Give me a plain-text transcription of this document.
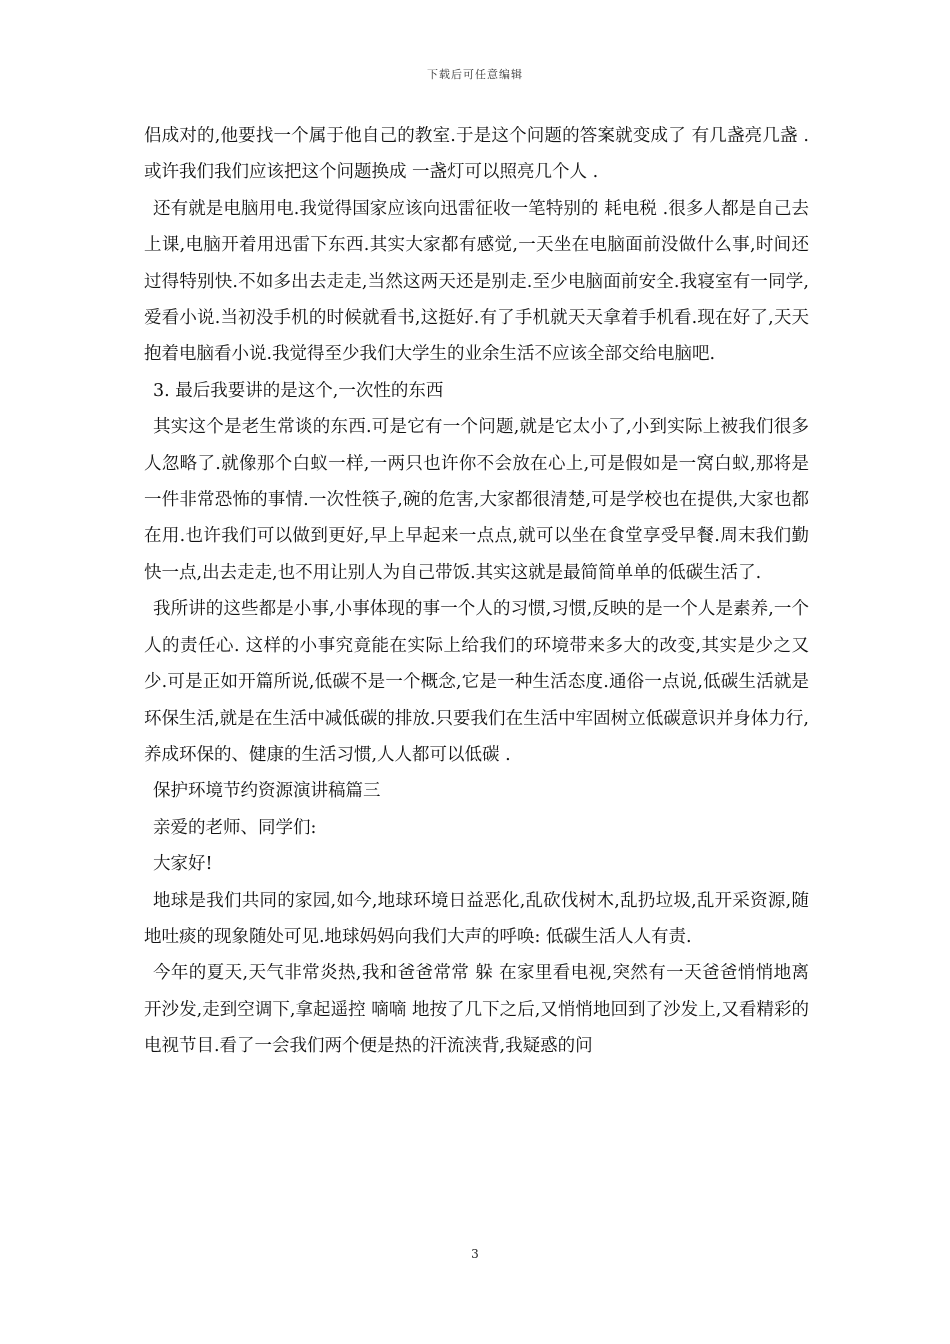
下载后可任意编辑

侣成对的,他要找一个属于他自己的教室.于是这个问题的答案就变成了 有几盏亮几盏 .或许我们我们应该把这个问题换成 一盏灯可以照亮几个人 .

还有就是电脑用电.我觉得国家应该向迅雷征收一笔特别的 耗电税 .很多人都是自己去上课,电脑开着用迅雷下东西.其实大家都有感觉,一天坐在电脑面前没做什么事,时间还过得特别快.不如多出去走走,当然这两天还是别走.至少电脑面前安全.我寝室有一同学,爱看小说.当初没手机的时候就看书,这挺好.有了手机就天天拿着手机看.现在好了,天天抱着电脑看小说.我觉得至少我们大学生的业余生活不应该全部交给电脑吧.

3. 最后我要讲的是这个,一次性的东西

其实这个是老生常谈的东西.可是它有一个问题,就是它太小了,小到实际上被我们很多人忽略了.就像那个白蚁一样,一两只也许你不会放在心上,可是假如是一窝白蚁,那将是一件非常恐怖的事情.一次性筷子,碗的危害,大家都很清楚,可是学校也在提供,大家也都在用.也许我们可以做到更好,早上早起来一点点,就可以坐在食堂享受早餐.周末我们勤快一点,出去走走,也不用让别人为自己带饭.其实这就是最简简单单的低碳生活了.

我所讲的这些都是小事,小事体现的事一个人的习惯,习惯,反映的是一个人是素养,一个人的责任心. 这样的小事究竟能在实际上给我们的环境带来多大的改变,其实是少之又少.可是正如开篇所说,低碳不是一个概念,它是一种生活态度.通俗一点说,低碳生活就是环保生活,就是在生活中减低碳的排放.只要我们在生活中牢固树立低碳意识并身体力行,养成环保的、健康的生活习惯,人人都可以低碳 .

保护环境节约资源演讲稿篇三

亲爱的老师、同学们:

大家好!

地球是我们共同的家园,如今,地球环境日益恶化,乱砍伐树木,乱扔垃圾,乱开采资源,随地吐痰的现象随处可见.地球妈妈向我们大声的呼唤: 低碳生活人人有责.

今年的夏天,天气非常炎热,我和爸爸常常 躲 在家里看电视,突然有一天爸爸悄悄地离开沙发,走到空调下,拿起遥控 嘀嘀 地按了几下之后,又悄悄地回到了沙发上,又看精彩的电视节目.看了一会我们两个便是热的汗流浃背,我疑惑的问

3
